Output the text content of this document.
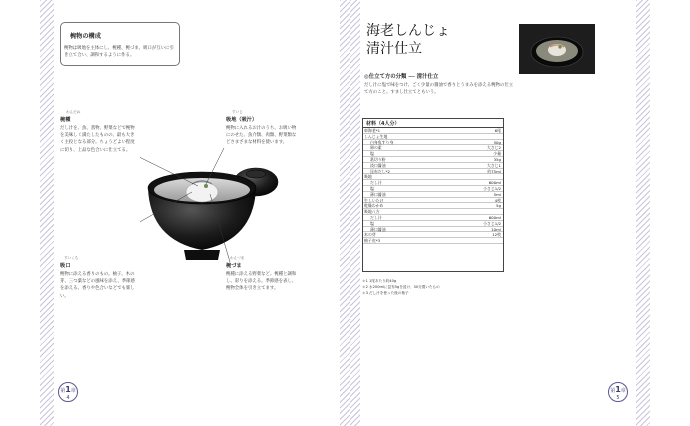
椀物の構成
椀物は吸地を主体にし、椀種、椀づま、吸口が互いに引き立て合い、調和するように作る。
わんだね
椀種

だし汁を、魚、蒸物、野菜などで椀物を美味しく満たしたものの、最も大きく主役となる部分。ちょうどよい程度に切り、上品な色合いに仕立てる。

すいじ
吸地（吸汁）

椀物に入れるお汁のうち、お吸い物にのせた、魚介類、肉類、野菜類などさまざまな材料を使います。

すいくち
吸口

椀物に添える香りのもの。柚子、木の芽、三つ葉などの風味を添え、季節感を添える。香りや色合いなどでも楽しい。

わんづま
椀づま

椀種に添える野菜など。椀種と調和し、彩りを添える。季節感を表し、椀物全体を引き立てます。

第1章
4
海老しんじょ
清汁仕立
◎仕立て方の分類 ── 清汁仕立
だし汁に塩で味をつけ、ごく少量の醤油で香りとうまみを添える椀物の仕立て方のこと。すまし仕立てともいう。
材料（4人分）
車海老*1	6尾
しんじょ生地
白身魚すり身	50g
卵の素	大さじ2
塩	少量
葛切り粉	35g
淡口醤油	大さじ1
昆布だし*2	約75ml
吸地
だし汁	600ml
塩	小さじ1/2
薄口醤油	5ml
生しいたけ	4枚
乾燥わかめ	5g
吸地八方
だし汁	600ml
塩	小さじ1/2
薄口醤油	10ml
木の芽	12枚
柚子皮*3
＊1 1尾あたり約40g
＊2 水200mlに昆布5gを浸け、30分置いたもの
＊3 だし汁を使った後の柚子
第1章
5
